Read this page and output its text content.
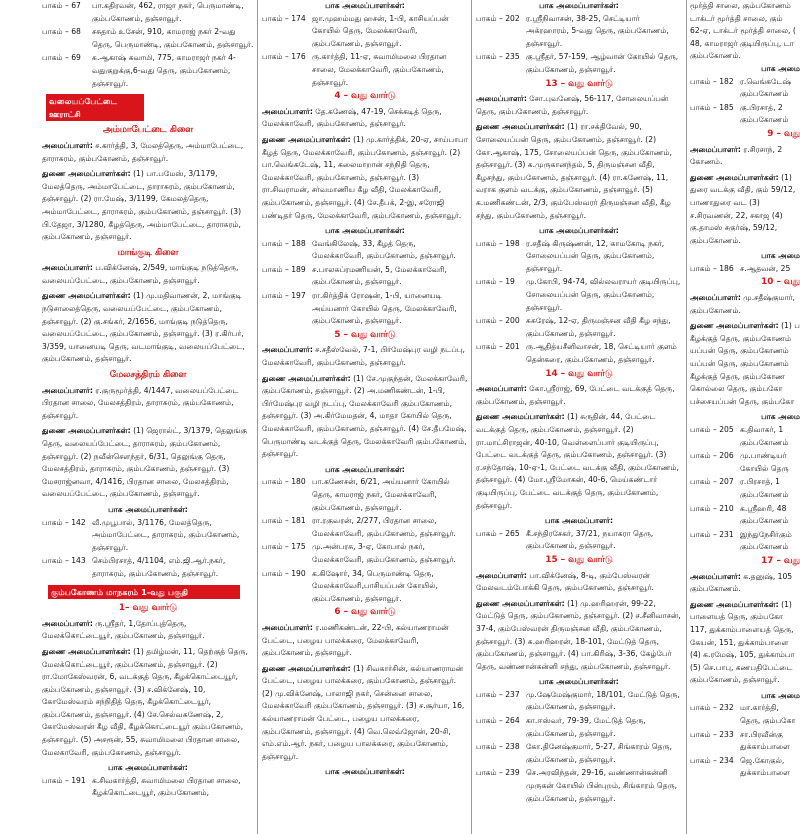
பாகம் – 67	பா.கதிரவன், 462, ராஜா நகர், பெருமாண்டி, கும்பகோணம், தஞ்சாவூர்.
பாகம் – 68	சசுதாம் உசேன், 910, காமராஜ் நகர் 2-வது தெரு, பெருமாண்டி, கும்பகோணம், தஞ்சாவூர்.
பாகம் – 69	சு.ஆகாஷ் சுவாமி, 775, காமராஜர் நகர் 4-வதுகுறுக்கு,6-வது தெரு, கும்பகோணம், தஞ்சாவூர்.
வலையப்பேட்டை ஊராட்சி
அம்மாபேட்டை கிளை

அமைப்பாளர்: ச.கார்த்தி, 3, மேலத்தெரு, அம்மாபேட்டை, தாராசுரம், கும்பகோணம், தஞ்சாவூர்.

துணை அமைப்பாளர்கள்: (1) பா.பமேஸ், 3/1179, மேலத்தெரு, அம்மாபேட்டை, தாராசுரம், கும்பகோணம், தஞ்சாவூர். (2) ரா.மேஷ், 3/1199, கேமலத்தெரு, அம்மாபேட்டை, தாராசுரம், கும்பகோணம், தஞ்சாவூர். (3) பி.தேஜா, 3/1280, கீழத்தெரு, அம்மாபேட்டை, தாராசுரம், கும்பகோணம், தஞ்சாவூர்.

மாங்குடி கிளை

அமைப்பாளர்: ப.விக்னேஷ், 2/549, மாங்குடி நடுத்தெரு, வலையப்பேட்டை, கும்பகோணம், தஞ்சாவூர்.

துணை அமைப்பாளர்கள்: (1) மு.மதிவாணன், 2, மாங்குடி நடுசாலைத்தெரு, வலையப்பேட்டை, கும்பகோணம், தஞ்சாவூர். (2) கு.சங்கர், 2/1656, மாங்குடி நடுத்தெரு, வலையப்பேட்டை, கும்பகோணம், தஞ்சாவூர். (3) ர.கிர்பர், 3/359, யானையடி தெரு, வடமாங்குடி, வலையப்பேட்டை, கும்பகோணம், தஞ்சாவூர்.

மேலசத்திரம் கிளை

அமைப்பாளர்: ர.குருமூர்த்தி, 4/1447, வலையப்பேட்டை பிரதான சாலை, மேலசத்திரம், தாராசுரம், கும்பகோணம், தஞ்சாவூர்.

துணை அமைப்பாளர்கள்: (1) ஜெரால்ட், 3/1379, தெலுங்கு தெரு, வலையப்பேட்டை, தாராசுரம், கும்பகோணம், தஞ்சாவூர். (2) நவீன்சௌந்தர், 6/31, தெலுங்கு தெரு, மேலசத்திரம், தாராசுரம், கும்பகோணம், தஞ்சாவூர். (3) மேசராஜ்னவா, 4/1416, பிரதான சாலை, மேலசத்திரம், வலையப்பேட்டை, கும்பகோணம், தஞ்சாவூர்.

பாக அமைப்பாளர்கள்:
பாகம் – 142 வீ.முபூபால், 3/1176, மேலத்தெரு, அம்மாபேட்டை, தாராசுரம், கும்பகோணம், தஞ்சாவூர்.
பாகம் – 143 செம்பிரசாத், 4/1104, எம்.ஜி.ஆர்.நகர், தாராசுரம், கும்பகோணம், தஞ்சாவூர்.
கும்பகோணம் மாநகரம் 1-வது பகுதி
1– வது வார்டு

அமைப்பாளர்: ரு.ஸ்ரீதர், 1,தோப்புத்தெரு, மேலக்கொட்டையூர், கும்பகோணம், தஞ்சாவூர்.

துணை அமைப்பாளர்கள்: (1) தமிழ்மன், 11, தெற்குத் தெரு, மேலக்கொட்டையூர், கும்பகோணம், தஞ்சாவூர். (2) ரா.மோகேஸ்வரன், 6, வடக்குத் தெரு, கீழக்கொட்டையூர், கும்பகோணம், தஞ்சாவூர். (3) ச.விக்னேஷ், 10, கோமேஸ்வரம் சந்நிதித் தெரு, கீழக்கொட்டையூர், கும்பகோணம், தஞ்சாவூர். (4) சே.செல்வகணேஷ், 2, கோமேஸ்வரன் கீழ வீதி, கீழக்கொட்டையூர் கும்பகோணம், தஞ்சாவூர். (5) அசரூன், 55, சுவாமிமலை பிரதான சாலை, மேலகாவேரி, கும்பகோணம், தஞ்சாவூர்.

பாக அமைப்பாளர்கள்:
பாகம் – 191 க.சிவகார்த்தி, சுவாமிமலை பிரதான சாலை, கீழக்கொட்டையூர், கும்பகோணம்,
பாக அமைப்பாளர்கள்:
பாகம் – 174 ஜா.முஹம்மது ஹசன், 1-பி, காசியப்பன் கோயில் தெரு, மேலக்காவேரி, கும்பகோணம், தஞ்சாவூர்.
பாகம் – 176 ரு.கார்த்தி, 11-ஏ, சுவாமிமலை பிரதான சாலை, மேலக்காவேரி, கும்பகோணம், தஞ்சாவூர்.
4 – வது வார்டு

அமைப்பாளர்: தே.கணேஷ், 47-19, செக்கடித் தெரு, மேலக்காவேரி, கும்பகோணம், தஞ்சாவூர்.

துணை அமைப்பாளர்கள்: (1) மு.கார்த்திக், 20-ஏ, சாய்பாபா கீழத் தெரு, மேலக்காவேரி, கும்பகோணம், தஞ்சாவூர். (2) பா.வெங்கடேஷ், 11, கலைமாறான் சந்நிதி தெரு, மேலக்காவேரி, கும்பகோணம், தஞ்சாவூர். (3) ரா.சிவராமன், சர்வமாணிய கீழ வீதி, மேலக்காவேரி, கும்பகோணம், தஞ்சாவூர். (4) சே.தீபக், 2-இ, சரோஜி பண்டிதர் தெரு, மேலக்காவேரி, கும்பகோணம், தஞ்சாவூர்.

பாக அமைப்பாளர்கள்:
பாகம் – 188 வேங்கிலேஷ், 33, கீழத் தெரு, மேலக்காவேரி, கும்பகோணம், தஞ்சாவூர்.
பாகம் – 189 ச.பாலசுப்ரமணியன், 5, மேலக்காவேரி, கும்பகோணம், தஞ்சாவூர்.
பாகம் – 197 ரா.கிர்த்திக் ரோஷன், 1-பி, யானையடி அய்யனார் கோயில் தெரு, மேலக்காவேரி, கும்பகோணம், தஞ்சாவூர்.
5 – வது வார்டு

அமைப்பாளர்: ச.சதீஸ்வேல், 7-1, பிர்மேஷ்புர வழி நடப்பு, மேலக்காவேரி, கும்பகோணம், தஞ்சாவூர்.

துணை அமைப்பாளர்கள்: (1) சே.முகுந்தன், மேலக்காவேரி, கும்பகோணம், தஞ்சாவூர். (2) அ.மணிகண்டன், 1-பி, பிர்மேஷ்புர வழி நடப்பு, மேலக்காவேரி கும்பகோணம், தஞ்சாவூர். (3) அ.கிர்மேமதன், 4, மாதா கோயில் தெரு, மேலக்காவேரி, கும்பகோணம், தஞ்சாவூர். (4) சே.தீபமேஷ், பெருமாண்டி வடக்குத் தெரு, மேலக்காவேரி கும்பகோணம், தஞ்சாவூர்.

பாக அமைப்பாளர்கள்:
பாகம் – 180 பா.கணேசன், 6/21, அய்யனார் கோயில் தெரு, காமராஜ் நகர், மேலக்காவேரி, கும்பகோணம், தஞ்சாவூர்.
பாகம் – 181 ரா.ரகுவரன், 2/277, பிரதான சாலை, மேலக்காவேரி, கும்பகோணம், தஞ்சாவூர்.
பாகம் – 175 மு.அன்பரசு, 3-ஏ, கோபால் நகர், மேலக்காவேரி, கும்பகோணம், தஞ்சாவூர்.
பாகம் – 190 க.கிஷோர், 34, பெருமாண்டி தெரு, மேலக்காவேரி,பாசியப்பன் கோயில், கும்பகோணம், தஞ்சாவூர்.
6 – வது வார்டு

அமைப்பாளர்: ர.மணிகண்டன், 22-பி, கல்யாணராமன் பேட்டை, பழைய பாலக்கரை, மேலக்காவேரி, கும்பகோணம், தஞ்சாவூர்.

துணை அமைப்பாளர்கள்: (1) சிவகார்சின், கல்யாணராமன் பேட்டை, பழைய பாலக்கரை, கும்பகோணம், தஞ்சாவூர். (2) மு.விக்னேஷ், பாலாஜி நகர், சென்னை சாலை, மேலக்காவேரி கும்பகோணம், தஞ்சாவூர். (3) ச.சூர்யா, 16, கல்யாணராமன் பேட்டை, பழைய பாலக்கரை, கும்பகோணம், தஞ்சாவூர். (4) வெ.லெவ்ஜோன், 20-சி, எம்.எம்.ஆர். நகர், பழைய பாலக்கரை, கும்பகோணம், தஞ்சாவூர்.

பாக அமைப்பாளர்கள்:
பாக அமைப்பாளர்கள்:
பாகம் – 202 ர.ஸ்ரீநிவாசன், 38-25, செட்டியார் அக்ரஹாரம், 5-வது தெரு, கும்பகோணம், தஞ்சாவூர்.
பாகம் – 235 கு.ஸ்ரீதர், 57-159, ஆழ்வான் கோயில் தெரு, கும்பகோணம், தஞ்சாவூர்.
13 – வது வார்டு

அமைப்பாளர்: சோ.புவனேஷ், 56-117, சோலையப்பன் தெரு, கும்பகோணம், தஞ்சாவூர்.

துணை அமைப்பாளர்கள்: (1) ரா.சக்திவேல், 90, சோலையப்பன் தெரு, கும்பகோணம், தஞ்சாவூர். (2) கோ.ஆகாஷ், 175, சோலையப்பன் தெரு, கும்பகோணம், தஞ்சாவூர். (3) க.முருகானந்தம், 5, திருமஞ்சன வீதி, கீழசந்து, கும்பகோணம், தஞ்சாவூர். (4) ரா.கணேஷ், 11, வராக குளம் வடக்கு, கும்பகோணம், தஞ்சாவூர். (5) க.மணிகண்டன், 2/3, கும்பேஸ்வரர் திருமஞ்சன வீதி, கீழ சந்து, கும்பகோணம், தஞ்சாவூர்.

பாக அமைப்பாளர்கள்:
பாகம் – 198 ர.சதீஷ் கிருஷ்ணன், 12, காமகோடி நகர், சோலையப்பன் தெரு, கும்பகோணம், தஞ்சாவூர்.
பாகம் – 19	மு.கோபி, 94-74, வில்லவராயர் குடியிருப்பு, சோலையப்பன் தெரு, கும்பகோணம், தஞ்சாவூர்.
பாகம் – 200 சுசுரேஷ், 12-ஏ, திருமஞ்சன வீதி கீழ சந்து, கும்பகோணம், தஞ்சாவூர்.
பாகம் – 201 ரு.ஆதித்யசீனிவாசன், 18, செட்டியார் குளம் தென்கரை, கும்பகோணம், தஞ்சாவூர்.
14 – வது வார்டு

அமைப்பாளர்: கோ.ஸ்ரீராஜ், 69, பேட்டை வடக்குத் தெரு, கும்பகோணம், தஞ்சாவூர்.

துணை அமைப்பாளர்கள்: (1) சுருதின், 44, பேட்டை வடக்குத் தெரு, கும்பகோணம், தஞ்சாவூர். (2) ரா.மாட்சிராஜன், 40-10, வெள்ளைப்பார் குடியிருப்பு, பேட்டை வடக்குத் தெரு, கும்பகோணம், தஞ்சாவூர். (3) ர.சந்தோஷ், 10-ஏ-1, பேட்டை வடக்கு வீதி, கும்பகோணம், தஞ்சாவூர். (4) மோ.ஸ்ரீமோகன், 40-6, மெய்கண்டார் குடியிருப்பு, பேட்டை வடக்குத் தெரு, கும்பகோணம், தஞ்சாவூர்.

பாக அமைப்பாளர்:
பாகம் – 265 கீ.சந்திரசேகர், 37/21, நயாகரா தெரு, கும்பகோணம், தஞ்சாவூர்.
15 – வது வார்டு

அமைப்பாளர்: பா.விக்னேஷ், 8-டி, கும்பேஸ்வரன் மேலவடம்போக்கி தெரு, கும்பகோணம், தஞ்சாவூர்.

துணை அமைப்பாளர்கள்: (1) மு.ஹரிஹரன், 99-22, மேட்டுத் தெரு, கும்பகோணம், தஞ்சாவூர். (2) ச.சீனிவாசன், 37-4, கும்பேஸ்வரன் திருமஞ்சன வீதி, கும்பகோணம், தஞ்சாவூர். (3) சு.ஹரிஹரன், 18-101, மேட்டுத் தெரு, கும்பகோணம், தஞ்சாவூர். (4) பா.கிரிஷ், 3-36, கேழ்பேர் தெரு, வண்ணான்கன்னி சந்து, கும்பகோணம், தஞ்சாவூர்.

பாக அமைப்பாளர்கள்:
பாகம் – 237 மு.ஷேமேஷ்குமார், 18/101, மேட்டுத் தெரு, கும்பகோணம், தஞ்சாவூர்.
பாகம் – 264 கா.ஈஸ்வர், 79-39, மேட்டுத் தெரு, கும்பகோணம், தஞ்சாவூர்.
பாகம் – 238 கோ.தினேஷ்குமார், 5-27, சிங்காரம் தெரு, கும்பகோணம், தஞ்சாவூர்.
பாகம் – 239 செ.அரவிந்தன், 29-16, வண்ணான்கன்னி முருகன் கோயில் பின்புறம், சிங்காரம் தெரு, கும்பகோணம், தஞ்சாவூர்.
மூர்த்தி சாலை, கும்பகோணம்
டாக்டர் மூர்த்தி சாலை, கும்
62-ஏ, டாக்டர் மூர்த்தி சாலை, (
48, காமராஜர் குடியிருப்பு, டா
கும்பகோணம்.
பாக அமை
பாகம் – 182 ர.வெங்கடேஷ் கும்பகோணம்
பாகம் – 185 கு.பிரசாத், 2 கும்பகோணம்
9 – வது

அமைப்பாளர்: ர.சிரசாந், 2 கோணம்.

துணை அமைப்பாளர்கள்: (1) துரை வடக்கு வீதி, கும் 59/12, பாணாதுரை வட (3) ச.சிரவணன், 22, சகாஜ (4) கு.தாமஸ் சகுர்ஷ், 59/12, கும்பகோணம்.

பாக அமை
பாகம் – 186 ச.ஆதவன், 25
10 – வது

அமைப்பாளர்: மு.சதீஷ்குமார், கும்பகோணம்.

துணை அமைப்பாளர்கள்: (1) ப கீழக்குத் தெரு, கும்பகோணம் யப்பன் தெரு, கும்பகோணம் யப்பன் தெரு, கும்பகோணம் கீழக்குத் தெரு, கும்பகோண கொல்லை தெரு, கும்பகோ பச்சையப்பன் தெரு, கும்பகோ

பாக அமை
பாகம் – 205 க.திவாகர், 1 கும்பகோணம்
பாகம் – 206 மு.பாண்டியர் கோயில் தெரு
பாகம் – 207 ர.பிரசாத், 1 கும்பகோணம்
பாகம் – 210 க.ஸ்ரீஹரி, 48 கும்பகோணம்
பாகம் – 231 இந்துநேசிர்கும் கும்பகோணம்
17 – வது

அமைப்பாளர்: க.தனுஷ், 105 கும்பகோணம்.

துணை அமைப்பாளர்கள்: (1) பாளையத் தெரு, கும்பகோ 117, துக்காம்பாளையத் தெரு, கேயன், 151, துக்காம்பாளை (4) க.ரமேஷ், 105, துக்காம்பா (5) செ.பாபு, கணபதிபேட்டை கும்பகோணம், தஞ்சாவூர்.

பாக அமை
பாகம் – 232 மா.கார்த்தி, தெரு, கும்பகோ
பாகம் – 233 சா.பிரவீன்கு துக்காம்பாளை
பாகம் – 234 ஜெ.கோகுல், துக்காம்பாளை
